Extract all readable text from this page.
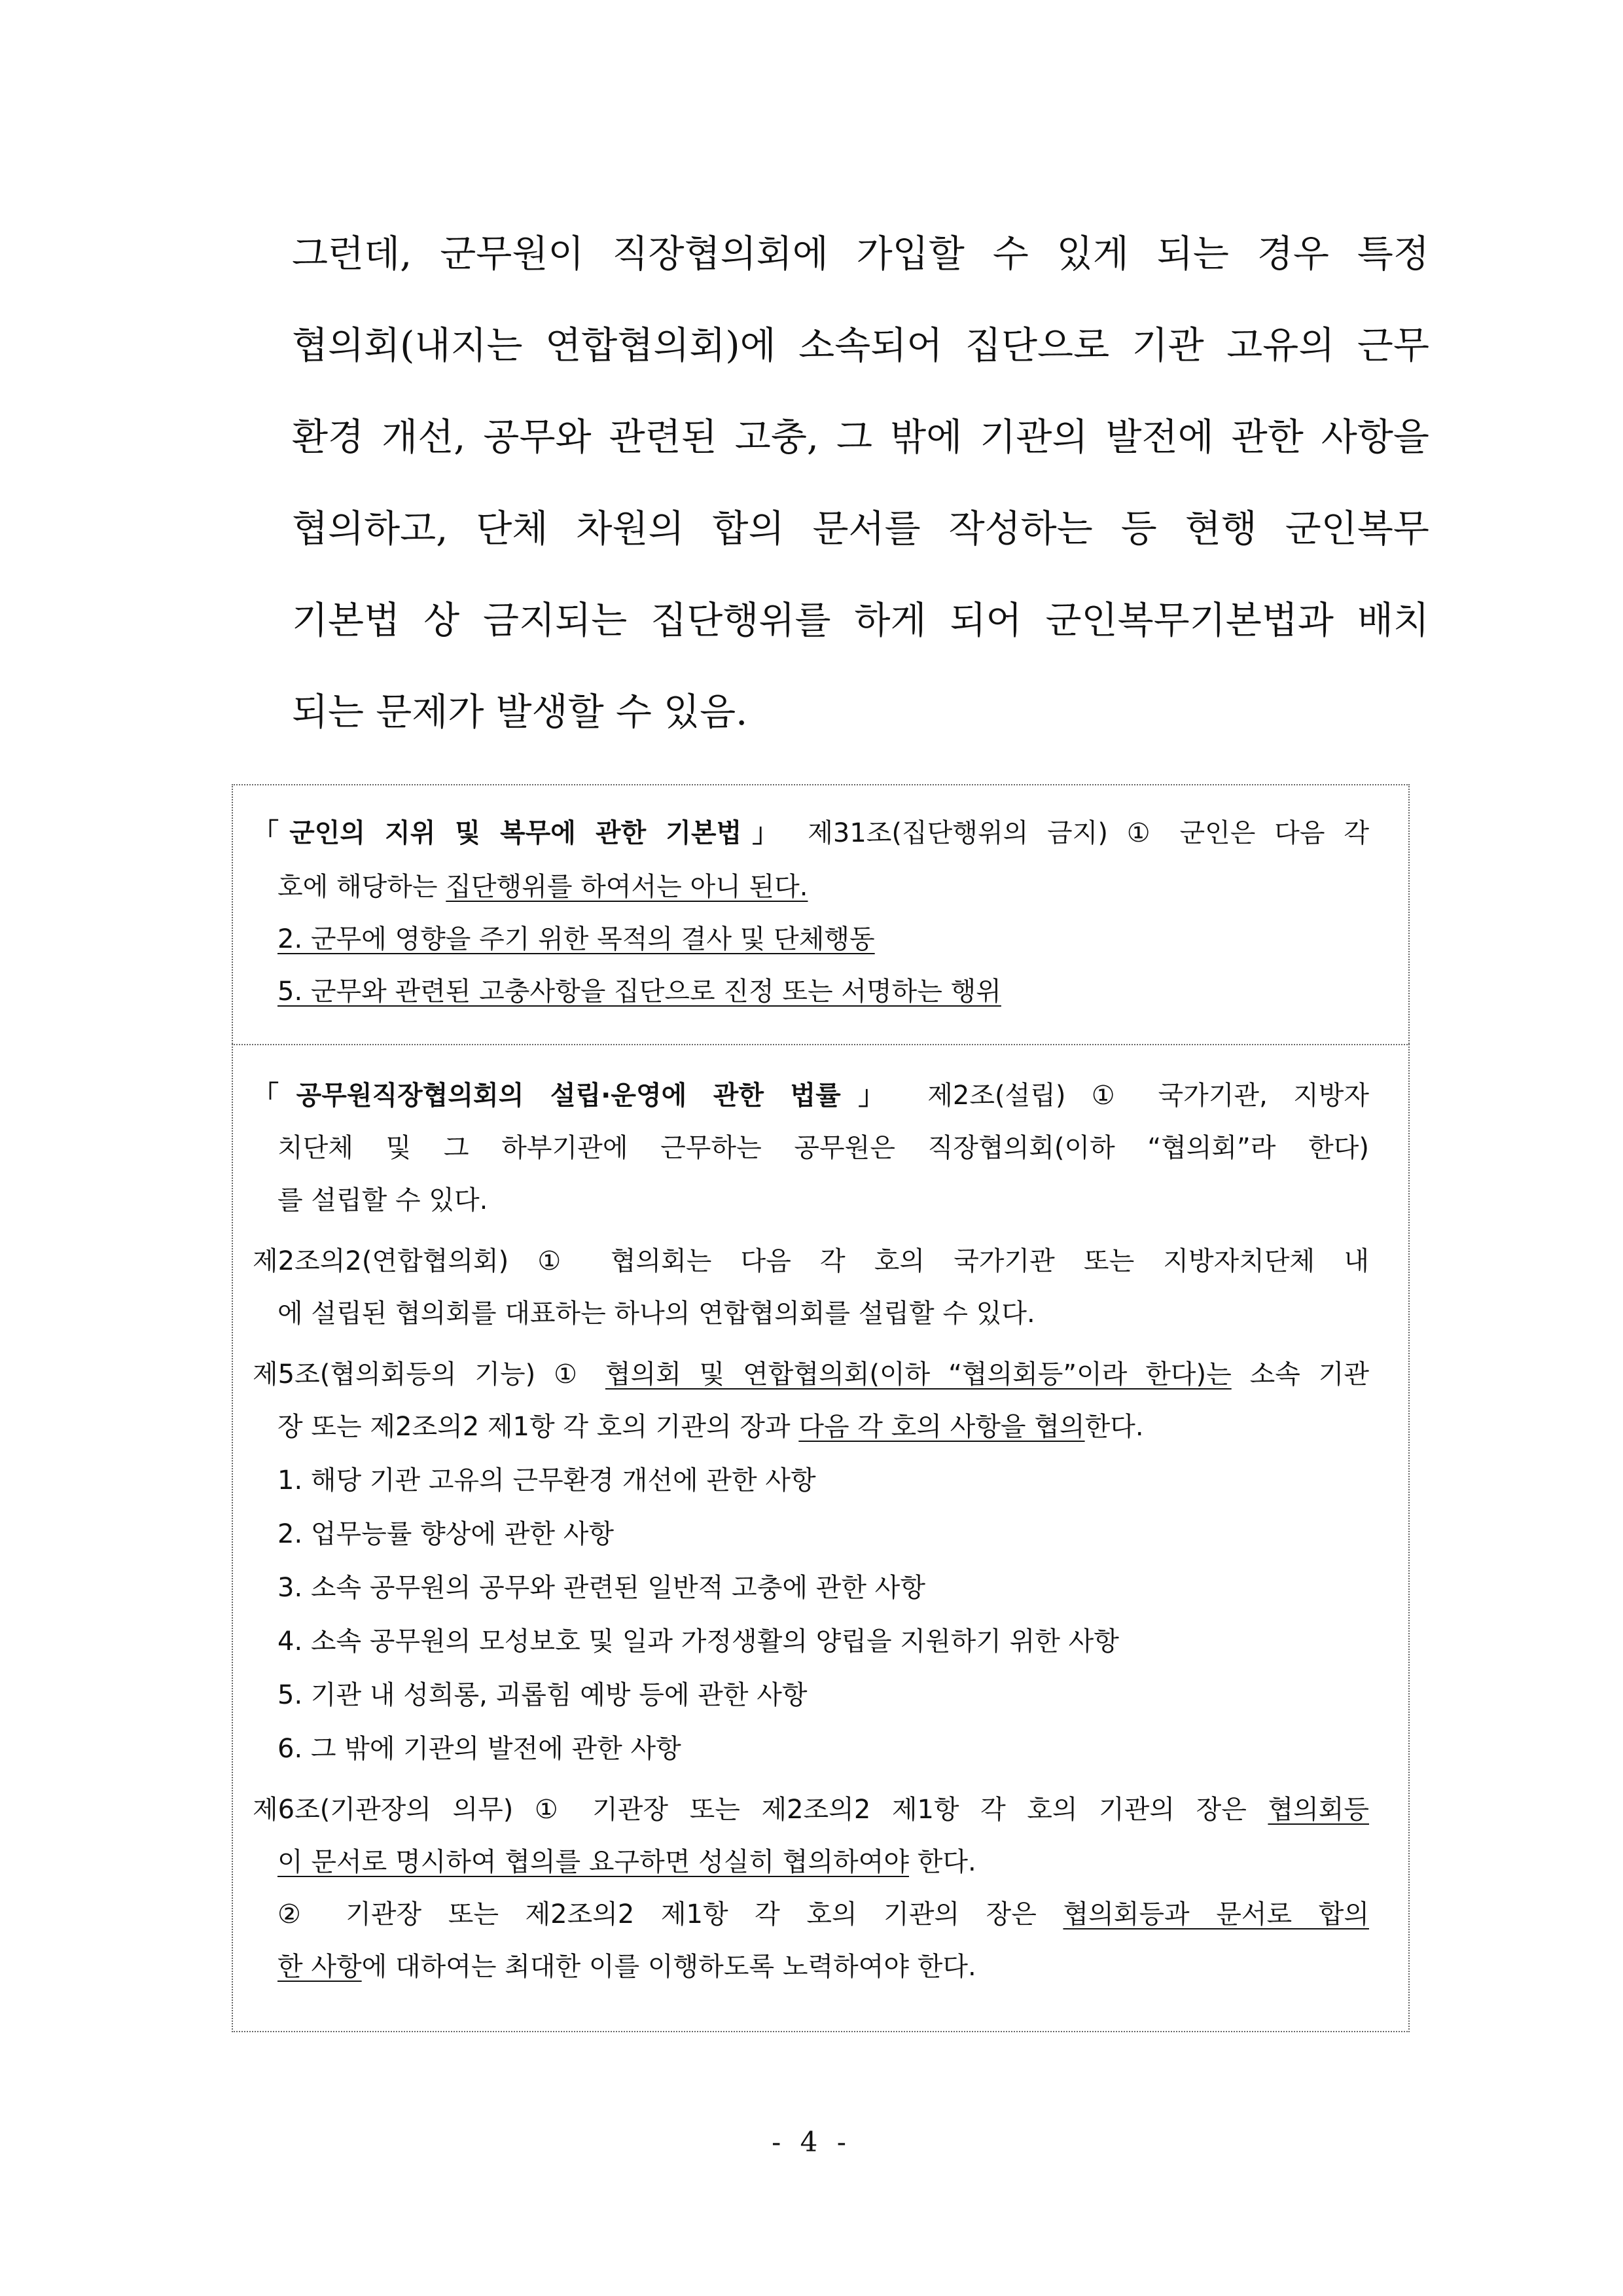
그런데, 군무원이 직장협의회에 가입할 수 있게 되는 경우 특정
협의회(내지는 연합협의회)에 소속되어 집단으로 기관 고유의 근무
환경 개선, 공무와 관련된 고충, 그 밖에 기관의 발전에 관한 사항을
협의하고, 단체 차원의 합의 문서를 작성하는 등 현행 군인복무
기본법 상 금지되는 집단행위를 하게 되어 군인복무기본법과 배치
되는 문제가 발생할 수 있음.
「군인의 지위 및 복무에 관한 기본법」 제31조(집단행위의 금지) ① 군인은 다음 각
호에 해당하는 집단행위를 하여서는 아니 된다.
2. 군무에 영향을 주기 위한 목적의 결사 및 단체행동
5. 군무와 관련된 고충사항을 집단으로 진정 또는 서명하는 행위
「공무원직장협의회의 설립·운영에 관한 법률」 제2조(설립) ① 국가기관, 지방자
치단체 및 그 하부기관에 근무하는 공무원은 직장협의회(이하 “협의회”라 한다)
를 설립할 수 있다.
제2조의2(연합협의회) ① 협의회는 다음 각 호의 국가기관 또는 지방자치단체 내
에 설립된 협의회를 대표하는 하나의 연합협의회를 설립할 수 있다.
제5조(협의회등의 기능) ① 협의회 및 연합협의회(이하 “협의회등”이라 한다)는 소속 기관
장 또는 제2조의2 제1항 각 호의 기관의 장과 다음 각 호의 사항을 협의한다.
1. 해당 기관 고유의 근무환경 개선에 관한 사항
2. 업무능률 향상에 관한 사항
3. 소속 공무원의 공무와 관련된 일반적 고충에 관한 사항
4. 소속 공무원의 모성보호 및 일과 가정생활의 양립을 지원하기 위한 사항
5. 기관 내 성희롱, 괴롭힘 예방 등에 관한 사항
6. 그 밖에 기관의 발전에 관한 사항
제6조(기관장의 의무) ① 기관장 또는 제2조의2 제1항 각 호의 기관의 장은 협의회등
이 문서로 명시하여 협의를 요구하면 성실히 협의하여야 한다.
② 기관장 또는 제2조의2 제1항 각 호의 기관의 장은 협의회등과 문서로 합의
한 사항에 대하여는 최대한 이를 이행하도록 노력하여야 한다.
- 4 -
